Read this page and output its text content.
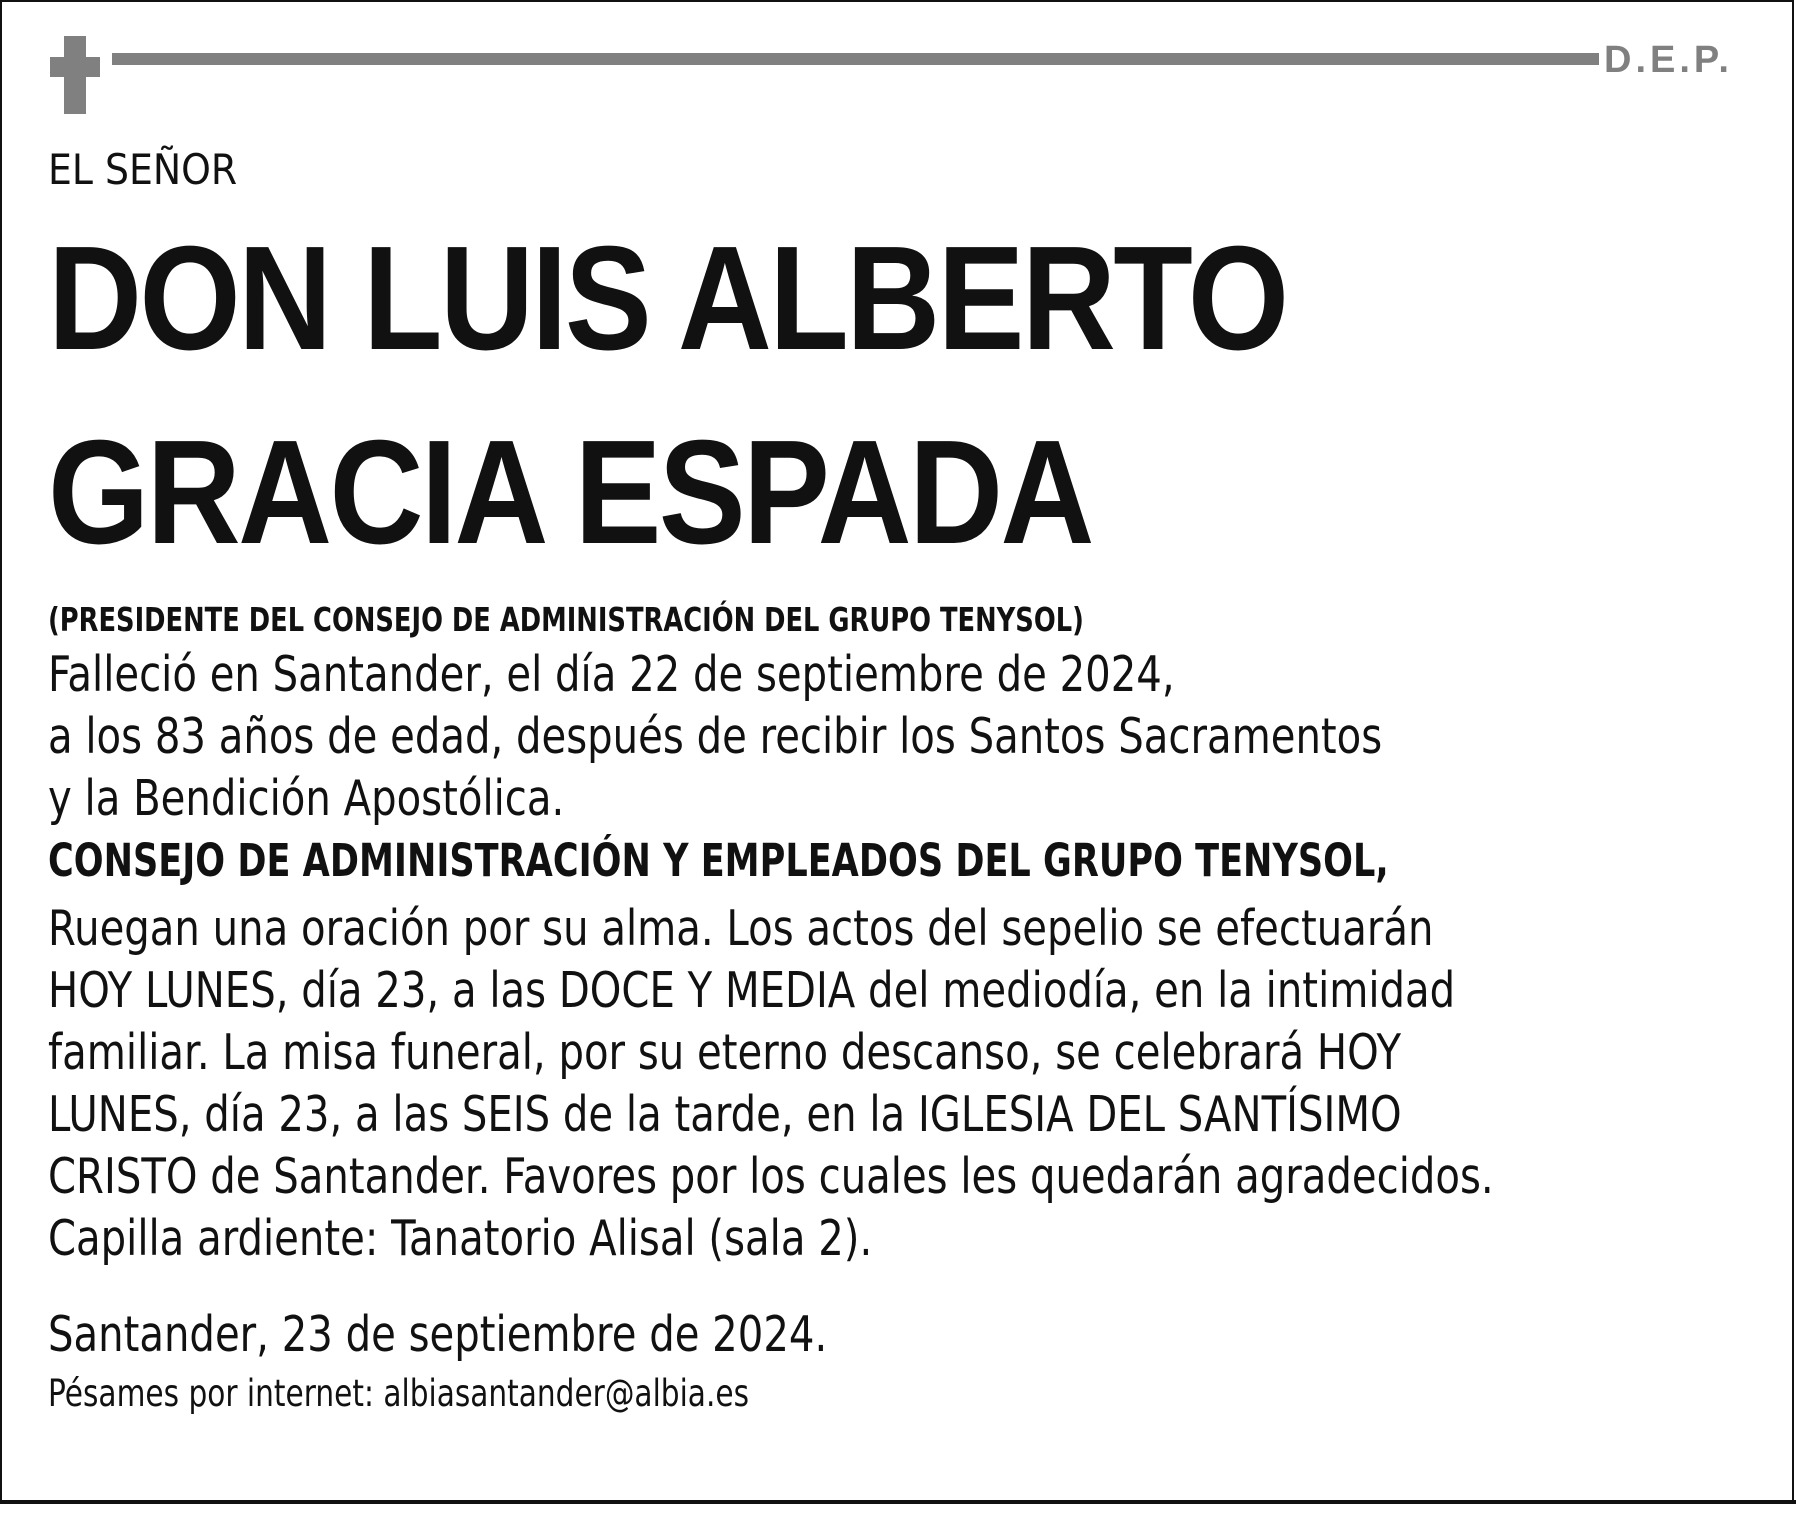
D.E.P.

EL SEÑOR

DON LUIS ALBERTO

GRACIA ESPADA

(PRESIDENTE DEL CONSEJO DE ADMINISTRACIÓN DEL GRUPO TENYSOL)

Falleció en Santander, el día 22 de septiembre de 2024,

a los 83 años de edad, después de recibir los Santos Sacramentos

y la Bendición Apostólica.

CONSEJO DE ADMINISTRACIÓN Y EMPLEADOS DEL GRUPO TENYSOL,

Ruegan una oración por su alma. Los actos del sepelio se efectuarán

HOY LUNES, día 23, a las DOCE Y MEDIA del mediodía, en la intimidad

familiar. La misa funeral, por su eterno descanso, se celebrará HOY

LUNES, día 23, a las SEIS de la tarde, en la IGLESIA DEL SANTÍSIMO

CRISTO de Santander. Favores por los cuales les quedarán agradecidos.

Capilla ardiente: Tanatorio Alisal (sala 2).

Santander, 23 de septiembre de 2024.

Pésames por internet: albiasantander@albia.es
